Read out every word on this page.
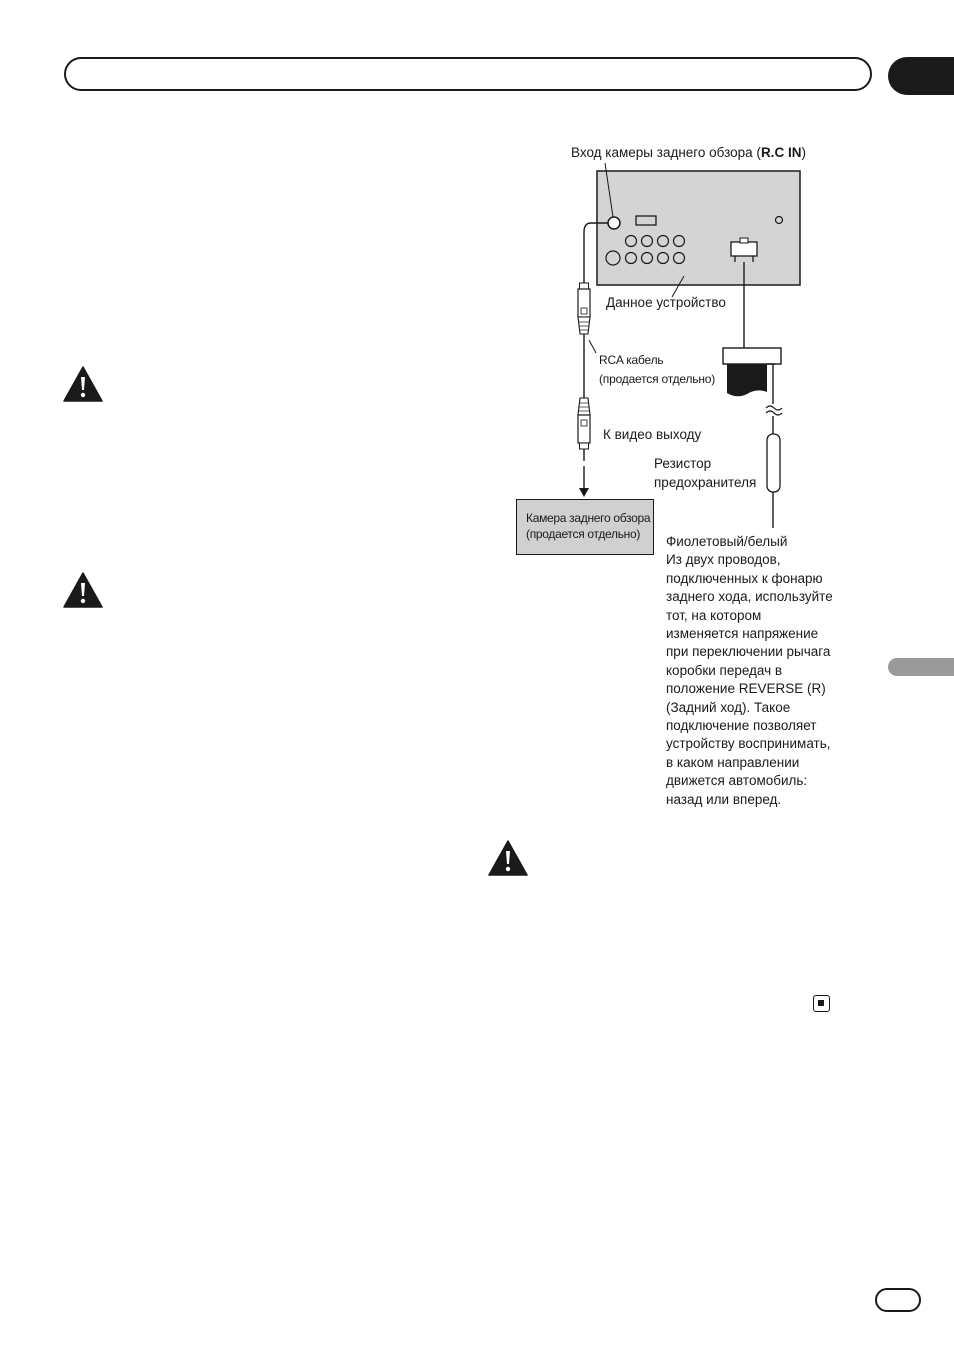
Вход камеры заднего обзора (R.C IN)
Данное устройство
RCA кабель
(продается отдельно)
К видео выходу
Резистор
предохранителя
Камера заднего обзора
(продается отдельно)	Фиолетовый/белый
Из двух проводов,
подключенных к фонарю
заднего хода, используйте
тот, на котором
изменяется напряжение
при переключении рычага
коробки передач в
положение REVERSE (R)
(Задний ход). Такое
подключение позволяет
устройству воспринимать,
в каком направлении
движется автомобиль:
назад или вперед.
